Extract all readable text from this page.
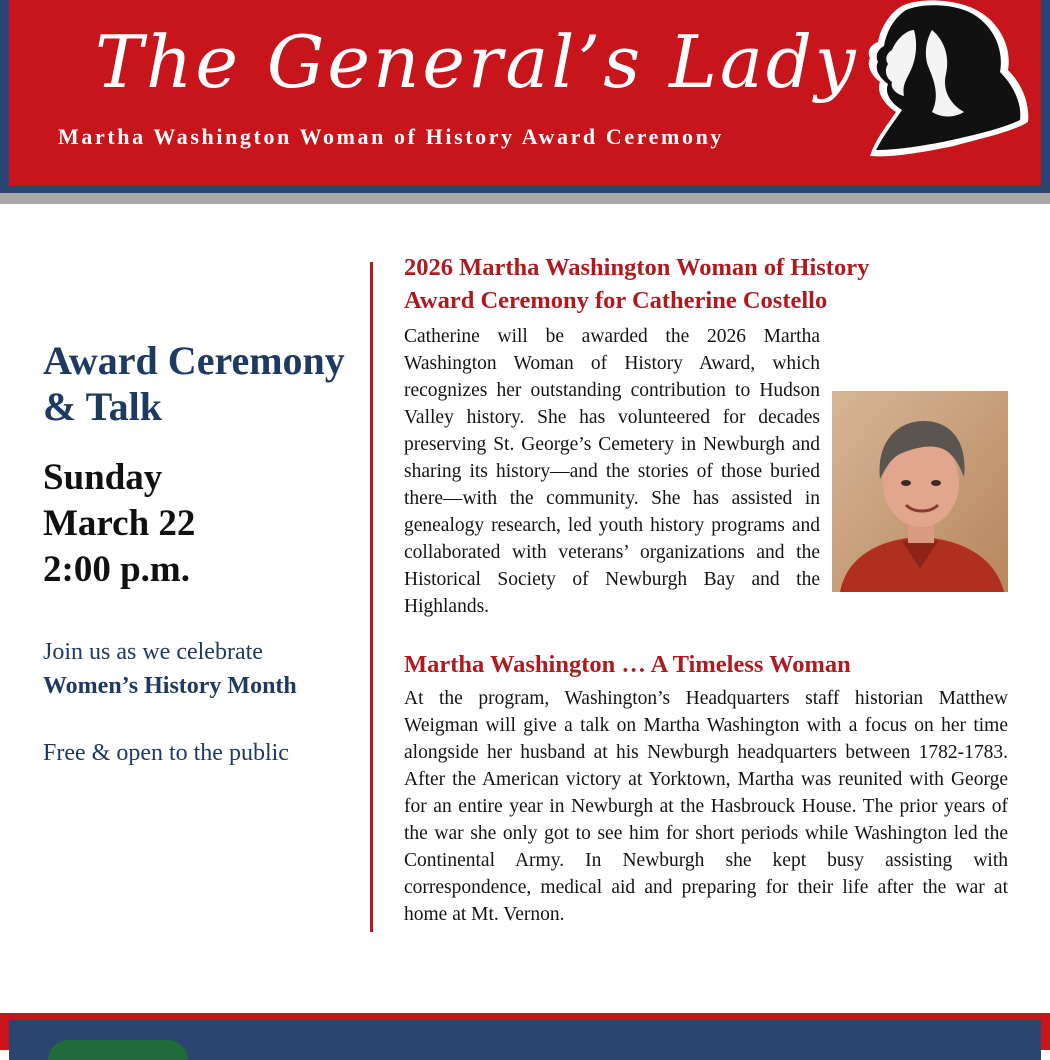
The General’s Lady
Martha Washington Woman of History Award Ceremony
Award Ceremony
& Talk
Sunday
March 22
2:00 p.m.
Join us as we celebrate
Women’s History Month
Free & open to the public
2026 Martha Washington Woman of History
Award Ceremony for Catherine Costello
Catherine will be awarded the 2026 Martha Washington Woman of History Award, which recognizes her outstanding contribution to Hudson Valley history. She has volunteered for decades preserving St. George’s Cemetery in Newburgh and sharing its history—and the stories of those buried there—with the community. She has assisted in genealogy research, led youth history programs and collaborated with veterans’ organizations and the Historical Society of Newburgh Bay and the Highlands.
Martha Washington … A Timeless Woman
At the program, Washington’s Headquarters staff historian Matthew Weigman will give a talk on Martha Washington with a focus on her time alongside her husband at his Newburgh headquarters between 1782-1783. After the American victory at Yorktown, Martha was reunited with George for an entire year in Newburgh at the Hasbrouck House. The prior years of the war she only got to see him for short periods while Washington led the Continental Army. In Newburgh she kept busy assisting with correspondence, medical aid and preparing for their life after the war at home at Mt. Vernon.
